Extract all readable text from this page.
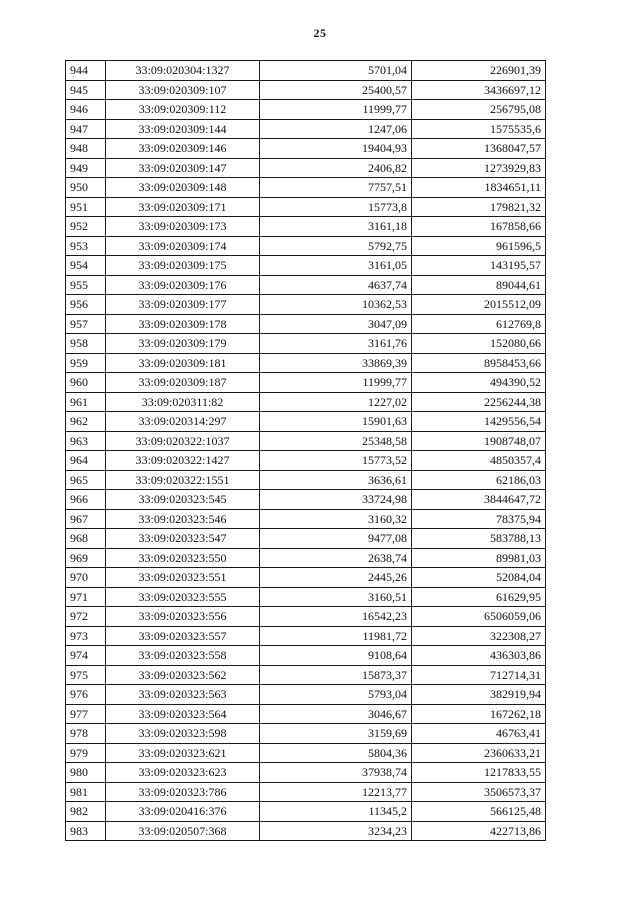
25
944	33:09:020304:1327	5701,04	226901,39
945	33:09:020309:107	25400,57	3436697,12
946	33:09:020309:112	11999,77	256795,08
947	33:09:020309:144	1247,06	1575535,6
948	33:09:020309:146	19404,93	1368047,57
949	33:09:020309:147	2406,82	1273929,83
950	33:09:020309:148	7757,51	1834651,11
951	33:09:020309:171	15773,8	179821,32
952	33:09:020309:173	3161,18	167858,66
953	33:09:020309:174	5792,75	961596,5
954	33:09:020309:175	3161,05	143195,57
955	33:09:020309:176	4637,74	89044,61
956	33:09:020309:177	10362,53	2015512,09
957	33:09:020309:178	3047,09	612769,8
958	33:09:020309:179	3161,76	152080,66
959	33:09:020309:181	33869,39	8958453,66
960	33:09:020309:187	11999,77	494390,52
961	33:09:020311:82	1227,02	2256244,38
962	33:09:020314:297	15901,63	1429556,54
963	33:09:020322:1037	25348,58	1908748,07
964	33:09:020322:1427	15773,52	4850357,4
965	33:09:020322:1551	3636,61	62186,03
966	33:09:020323:545	33724,98	3844647,72
967	33:09:020323:546	3160,32	78375,94
968	33:09:020323:547	9477,08	583788,13
969	33:09:020323:550	2638,74	89981,03
970	33:09:020323:551	2445,26	52084,04
971	33:09:020323:555	3160,51	61629,95
972	33:09:020323:556	16542,23	6506059,06
973	33:09:020323:557	11981,72	322308,27
974	33:09:020323:558	9108,64	436303,86
975	33:09:020323:562	15873,37	712714,31
976	33:09:020323:563	5793,04	382919,94
977	33:09:020323:564	3046,67	167262,18
978	33:09:020323:598	3159,69	46763,41
979	33:09:020323:621	5804,36	2360633,21
980	33:09:020323:623	37938,74	1217833,55
981	33:09:020323:786	12213,77	3506573,37
982	33:09:020416:376	11345,2	566125,48
983	33:09:020507:368	3234,23	422713,86
